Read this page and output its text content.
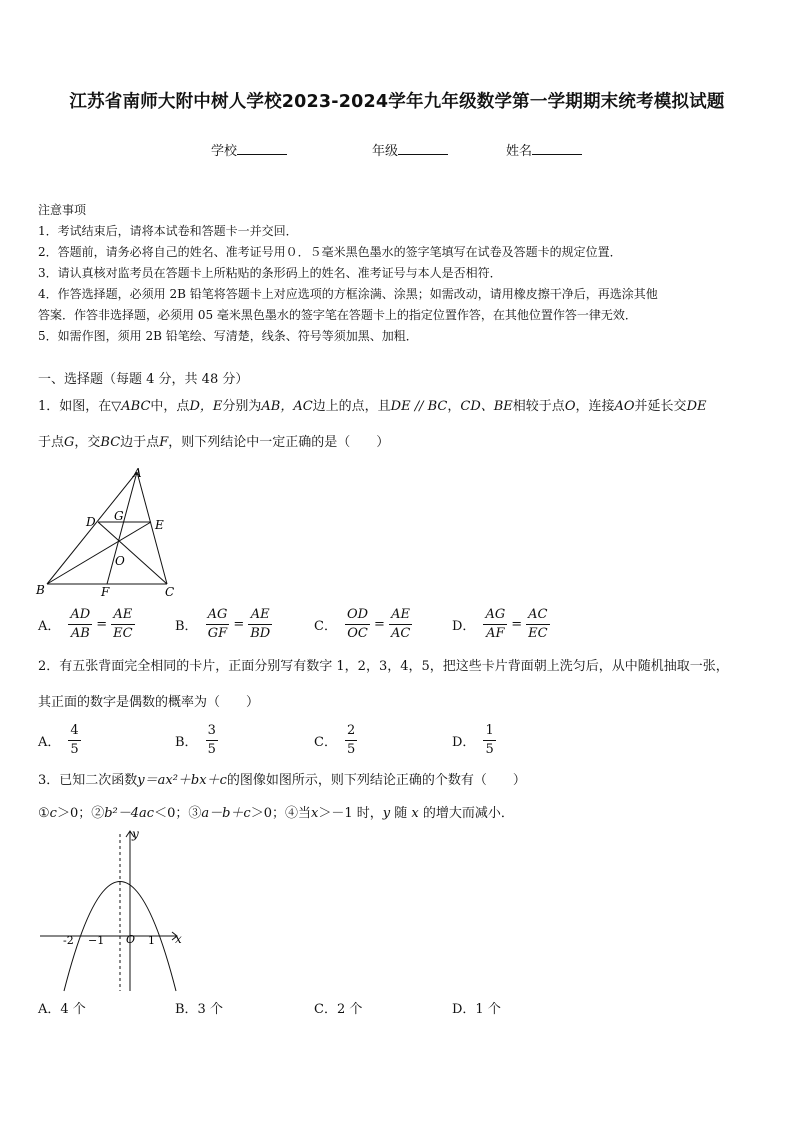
江苏省南师大附中树人学校2023-2024学年九年级数学第一学期期末统考模拟试题
学校	年级	姓名
注意事项
1．考试结束后，请将本试卷和答题卡一并交回．
2．答题前，请务必将自己的姓名、准考证号用０．５毫米黑色墨水的签字笔填写在试卷及答题卡的规定位置．
3．请认真核对监考员在答题卡上所粘贴的条形码上的姓名、准考证号与本人是否相符．
4．作答选择题，必须用 2B 铅笔将答题卡上对应选项的方框涂满、涂黑；如需改动，请用橡皮擦干净后，再选涂其他
答案．作答非选择题，必须用 05 毫米黑色墨水的签字笔在答题卡上的指定位置作答，在其他位置作答一律无效．
5．如需作图，须用 2B 铅笔绘、写清楚，线条、符号等须加黑、加粗．
一、选择题（每题 4 分，共 48 分）
1．如图，在▽ABC中，点D，E分别为AB，AC边上的点，且DE // BC，CD、BE相较于点O，连接AO并延长交DE
于点G，交BC边于点F，则下列结论中一定正确的是（　　）
A
B	C
D	E
F
G
O
A． $\frac{AD}{AB} = \frac{AE}{EC}$	B． $\frac{AG}{GF} = \frac{AE}{BD}$	C． $\frac{OD}{OC} = \frac{AE}{AC}$	D． $\frac{AG}{AF} = \frac{AC}{EC}$
2．有五张背面完全相同的卡片，正面分别写有数字 1，2，3，4，5，把这些卡片背面朝上洗匀后，从中随机抽取一张，
其正面的数字是偶数的概率为（　　）
A． $\frac{4}{5}$	B． $\frac{3}{5}$	C． $\frac{2}{5}$	D． $\frac{1}{5}$
3．已知二次函数y＝ax²＋bx＋c的图像如图所示，则下列结论正确的个数有（　　）
①c＞0；②b²－4ac＜0；③a－b＋c＞0；④当x＞－1 时，y 随 x 的增大而减小．
y
x
O
-2 −1	1
A．4 个	B．3 个	C．2 个	D．1 个
